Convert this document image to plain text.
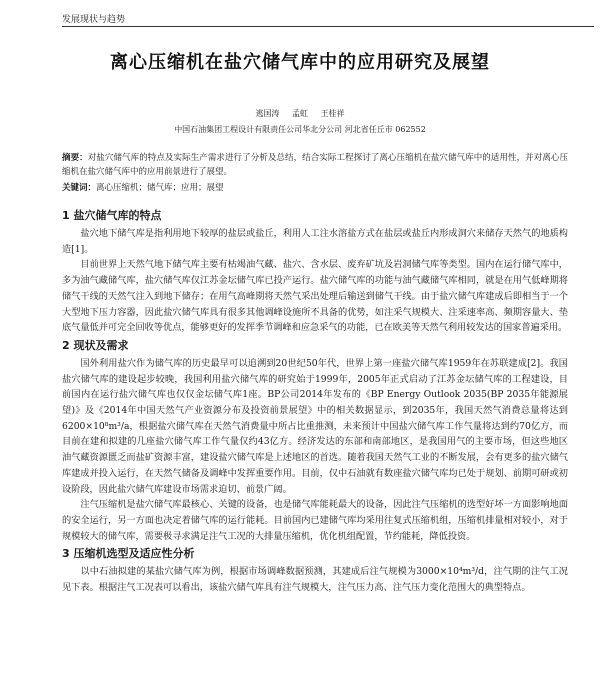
发展现状与趋势
离心压缩机在盐穴储气库中的应用研究及展望
逃国涛 孟虹 王桂祥
中国石油集团工程设计有限责任公司华北分公司 河北省任丘市 062552
摘要：对盐穴储气库的特点及实际生产需求进行了分析及总结，结合实际工程探讨了离心压缩机在盐穴储气库中的适用性，并对离心压缩机在盐穴储气库中的应用前景进行了展望。
关键词：离心压缩机；储气库；应用；展望
1 盐穴储气库的特点

盐穴地下储气库是指利用地下较厚的盐层或盐丘，利用人工注水溶盐方式在盐层或盐丘内形成洞穴来储存天然气的地质构造[1]。

目前世界上天然气地下储气库主要有枯竭油气藏、盐穴、含水层、废弃矿坑及岩洞储气库等类型。国内在运行储气库中，多为油气藏储气库，盐穴储气库仅江苏金坛储气库已投产运行。盐穴储气库的功能与油气藏储气库相同，就是在用气低峰期将储气干线的天然气注入到地下储存；在用气高峰期将天然气采出处理后输送到储气干线。由于盐穴储气库建成后即相当于一个大型地下压力容器，因此盐穴储气库具有很多其他调峰设施所不具备的优势，如注采气规模大、注采速率高、频期容量大、垫底气量低并可完全回收等优点，能够更好的发挥季节调峰和应急采气的功能，已在欧美等天然气利用较发达的国家普遍采用。

2 现状及需求

国外利用盐穴作为储气库的历史最早可以追溯到20世纪50年代，世界上第一座盐穴储气库1959年在苏联建成[2]。我国盐穴储气库的建设起步较晚，我国利用盐穴储气库的研究始于1999年，2005年正式启动了江苏金坛储气库的工程建设，目前国内在运行盐穴储气库也仅仅金坛储气库1座。BP公司2014年发布的《BP Energy Outlook 2035(BP 2035年能源展望)》及《2014年中国天然气产业资源分布及投资前景展望》中的相关数据显示，到2035年，我国天然气消费总量将达到6200×10⁸m³/a，根据盐穴储气库在天然气消费量中所占比重推测，未来预计中国盐穴储气库工作气量将达到约70亿方，而目前在建和拟建的几座盐穴储气库工作气量仅约43亿方。经济发达的东部和南部地区，是我国用气的主要市场，但这些地区油气藏资源匮乏而盐矿资源丰富，建设盐穴储气库是上述地区的首选。随着我国天然气工业的不断发展，会有更多的盐穴储气库建成并投入运行，在天然气储备及调峰中发挥重要作用。目前，仅中石油就有数座盐穴储气库均已处于规划、前期可研或初设阶段，因此盐穴储气库建设市场需求迫切、前景广阔。

注气压缩机是盐穴储气库最核心、关键的设备，也是储气库能耗最大的设备，因此注气压缩机的选型好坏一方面影响地面的安全运行，另一方面也决定着储气库的运行能耗。目前国内已建储气库均采用往复式压缩机组，压缩机排量相对较小，对于规模较大的储气库，需要极寻求满足注气工况的大排量压缩机，优化机组配置，节约能耗，降低投资。

3 压缩机选型及适应性分析

以中石油拟建的某盐穴储气库为例，根据市场调峰数据预测，其建成后注气规模为3000×10⁴m³/d，注气期的注气工况见下表。根据注气工况表可以看出，该盐穴储气库具有注气规模大，注气压力高、注气压力变化范围大的典型特点。
